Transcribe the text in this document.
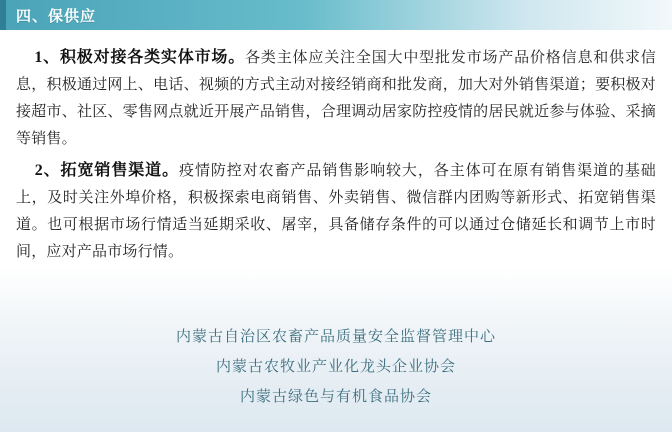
四、保供应

1、积极对接各类实体市场。各类主体应关注全国大中型批发市场产品价格信息和供求信息，积极通过网上、电话、视频的方式主动对接经销商和批发商，加大对外销售渠道；要积极对接超市、社区、零售网点就近开展产品销售，合理调动居家防控疫情的居民就近参与体验、采摘等销售。

2、拓宽销售渠道。疫情防控对农畜产品销售影响较大，各主体可在原有销售渠道的基础上，及时关注外埠价格，积极探索电商销售、外卖销售、微信群内团购等新形式、拓宽销售渠道。也可根据市场行情适当延期采收、屠宰，具备储存条件的可以通过仓储延长和调节上市时间，应对产品市场行情。

内蒙古自治区农畜产品质量安全监督管理中心
内蒙古农牧业产业化龙头企业协会
内蒙古绿色与有机食品协会
